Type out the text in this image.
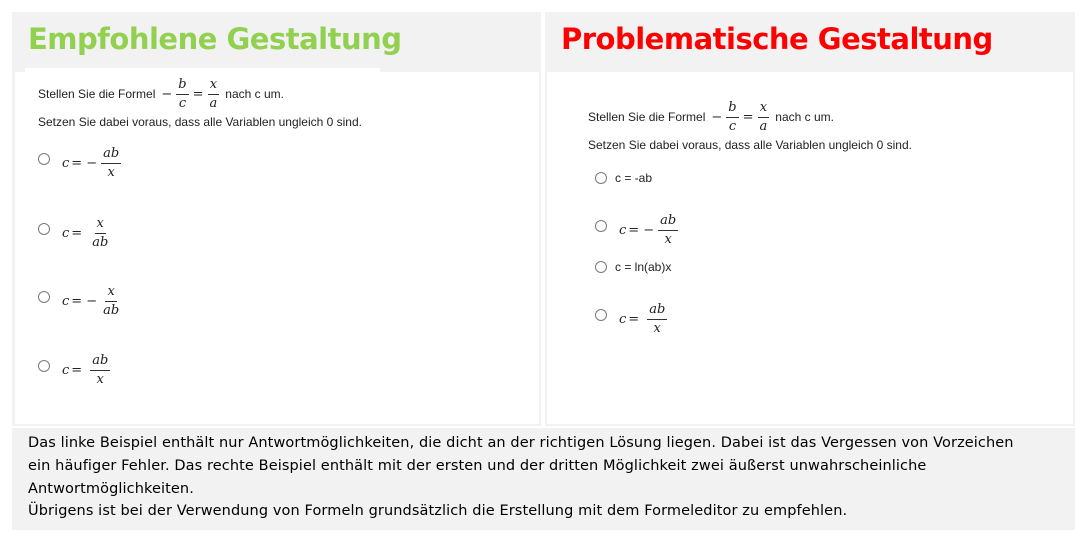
Empfohlene Gestaltung
Stellen Sie die Formel − $\frac{b}{c} = \frac{x}{a}$ nach c um.
Setzen Sie dabei voraus, dass alle Variablen ungleich 0 sind.
c = − $\frac{ab}{x}$
$c = \frac{x}{ab}$
c = − $\frac{x}{ab}$
$c = \frac{ab}{x}$
Problematische Gestaltung
Stellen Sie die Formel − $\frac{b}{c} = \frac{x}{a}$ nach c um.
Setzen Sie dabei voraus, dass alle Variablen ungleich 0 sind.
c = -ab
c = − $\frac{ab}{x}$
c = ln(ab)x
$c = \frac{ab}{x}$
Das linke Beispiel enthält nur Antwortmöglichkeiten, die dicht an der richtigen Lösung liegen. Dabei ist das Vergessen von Vorzeichen
ein häufiger Fehler. Das rechte Beispiel enthält mit der ersten und der dritten Möglichkeit zwei äußerst unwahrscheinliche
Antwortmöglichkeiten.
Übrigens ist bei der Verwendung von Formeln grundsätzlich die Erstellung mit dem Formeleditor zu empfehlen.
